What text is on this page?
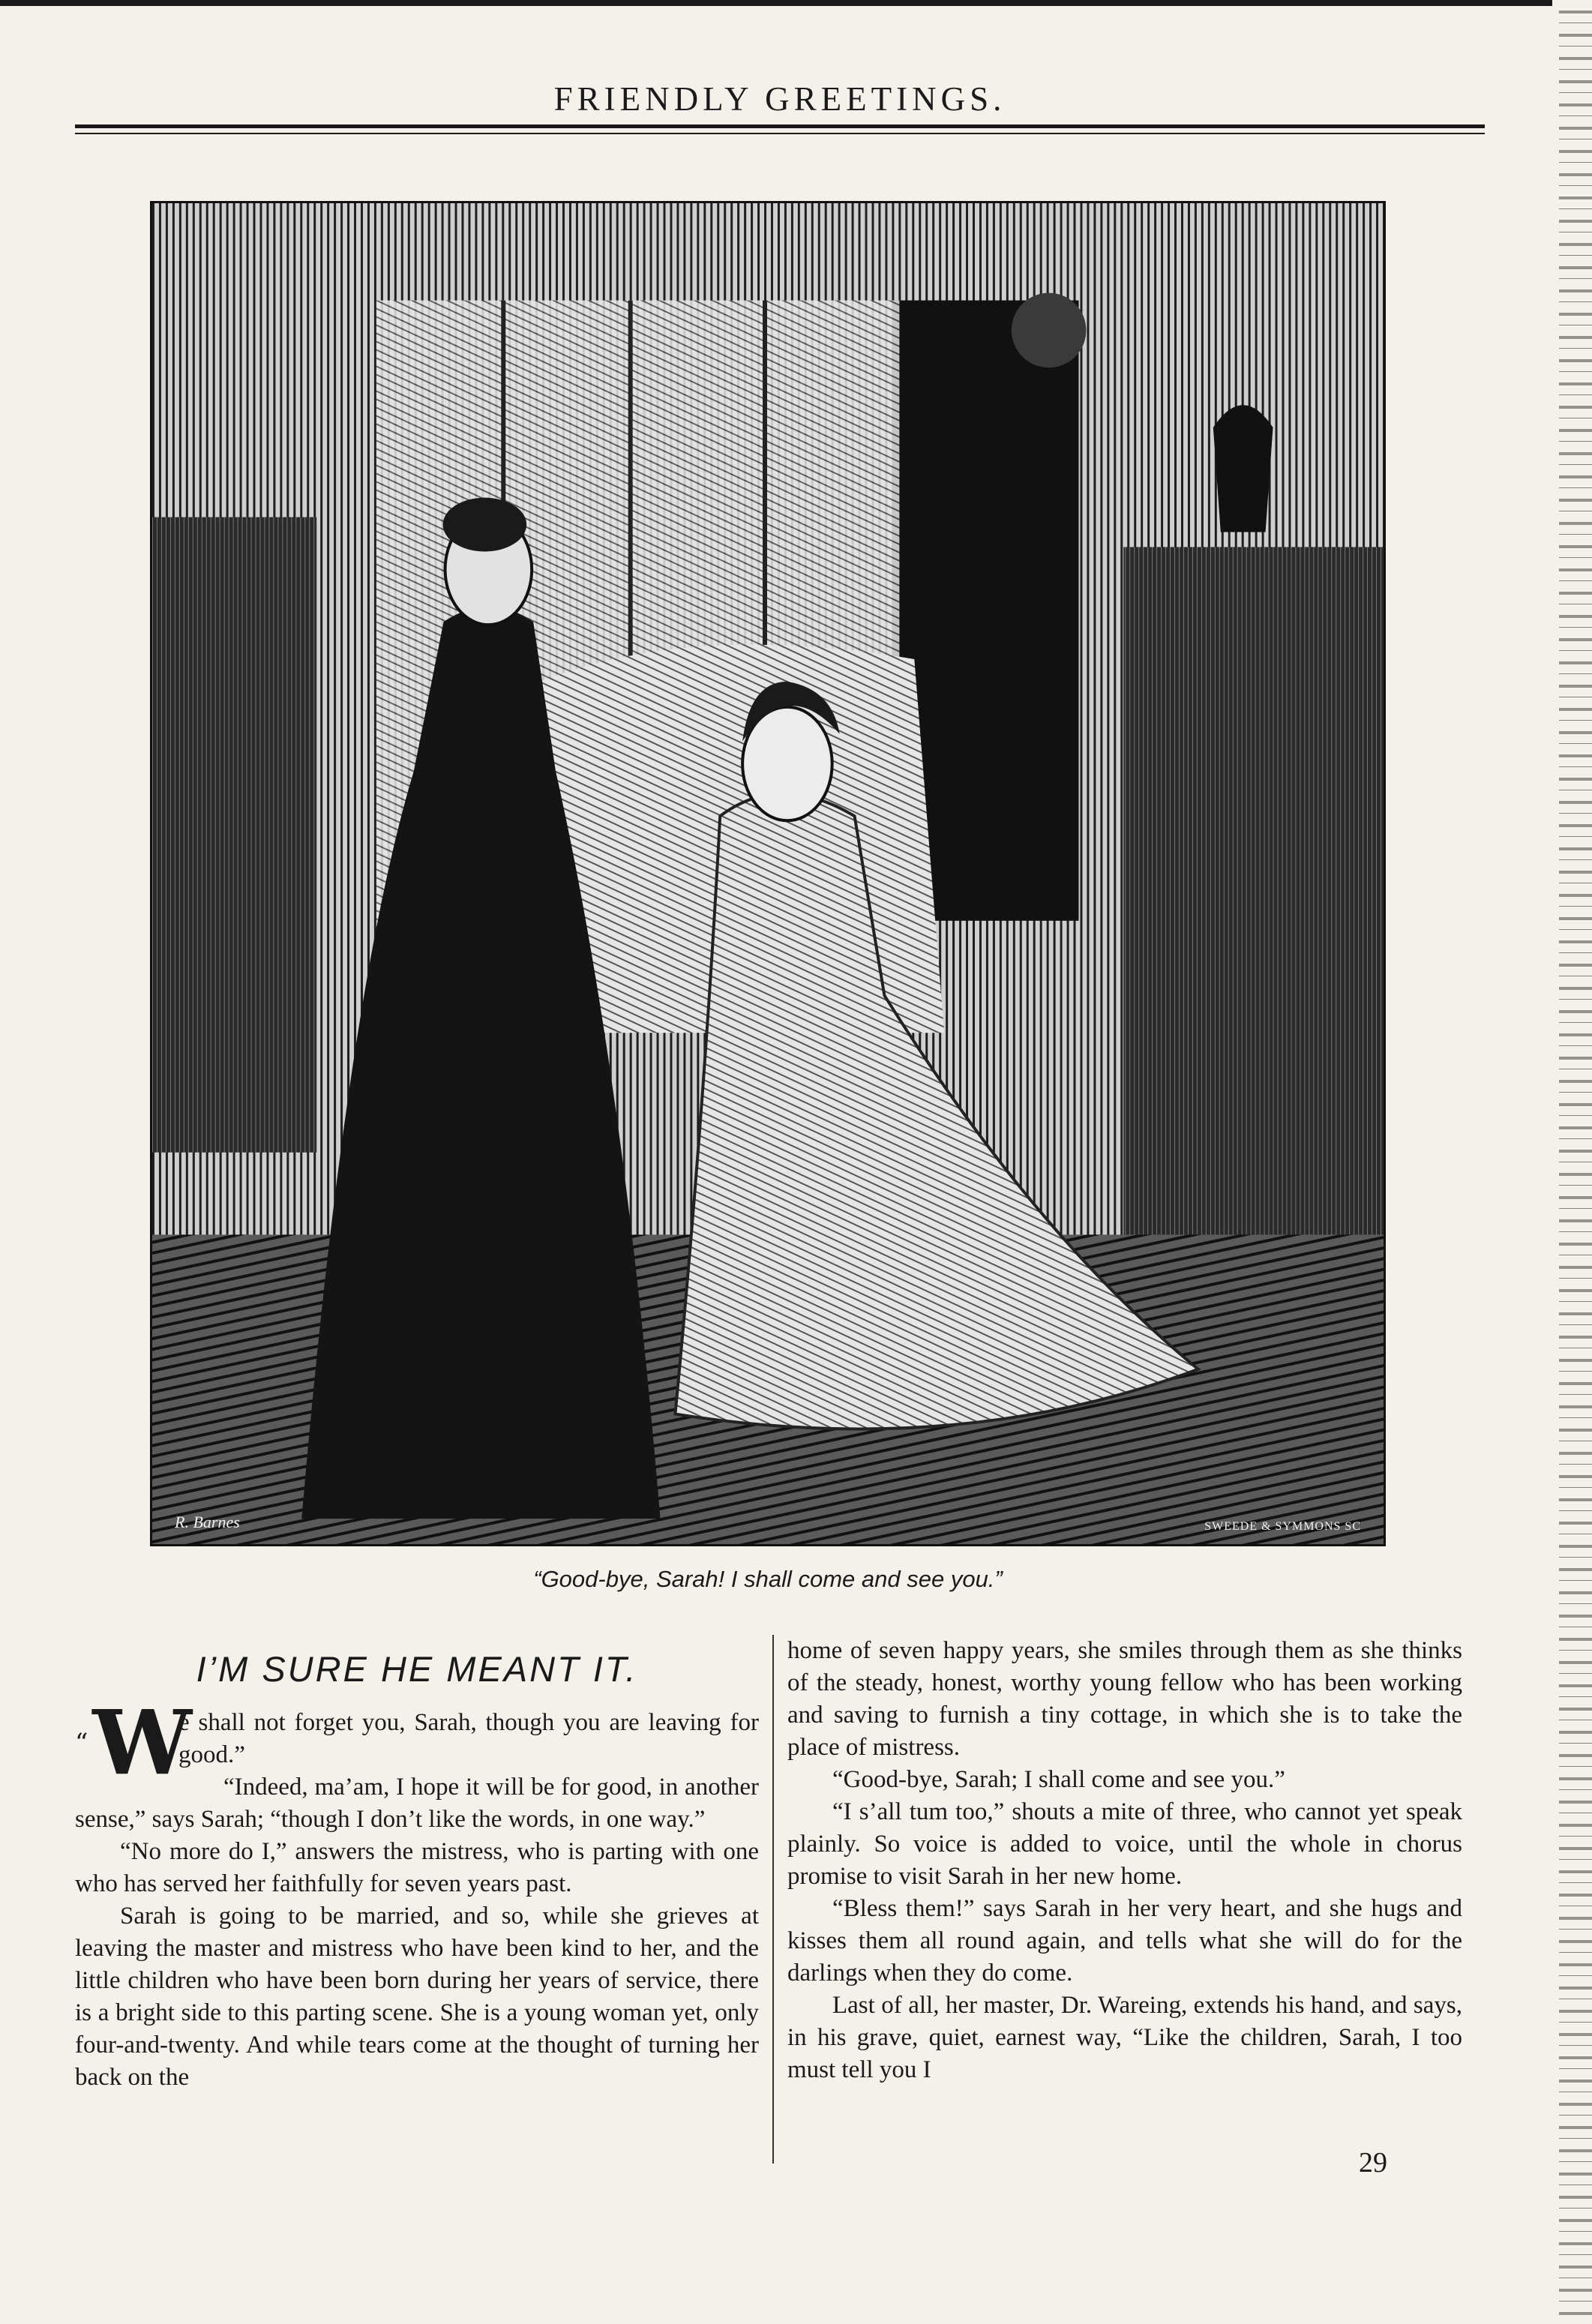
FRIENDLY GREETINGS.
R. Barnes	SWEEDE & SYMMONS SC
“Good-bye, Sarah! I shall come and see you.”
I’M SURE HE MEANT IT.
“W

e shall not forget you, Sarah, though you are leaving for good.”

“Indeed, ma’am, I hope it will be for good, in another sense,” says Sarah; “though I don’t like the words, in one way.”

“No more do I,” answers the mistress, who is parting with one who has served her faithfully for seven years past.

Sarah is going to be married, and so, while she grieves at leaving the master and mistress who have been kind to her, and the little children who have been born during her years of service, there is a bright side to this parting scene. She is a young woman yet, only four-and-twenty. And while tears come at the thought of turning her back on the

home of seven happy years, she smiles through them as she thinks of the steady, honest, worthy young fellow who has been working and saving to furnish a tiny cottage, in which she is to take the place of mistress.

“Good-bye, Sarah; I shall come and see you.”

“I s’all tum too,” shouts a mite of three, who cannot yet speak plainly. So voice is added to voice, until the whole in chorus promise to visit Sarah in her new home.

“Bless them!” says Sarah in her very heart, and she hugs and kisses them all round again, and tells what she will do for the darlings when they do come.

Last of all, her master, Dr. Wareing, extends his hand, and says, in his grave, quiet, earnest way, “Like the children, Sarah, I too must tell you I

29
